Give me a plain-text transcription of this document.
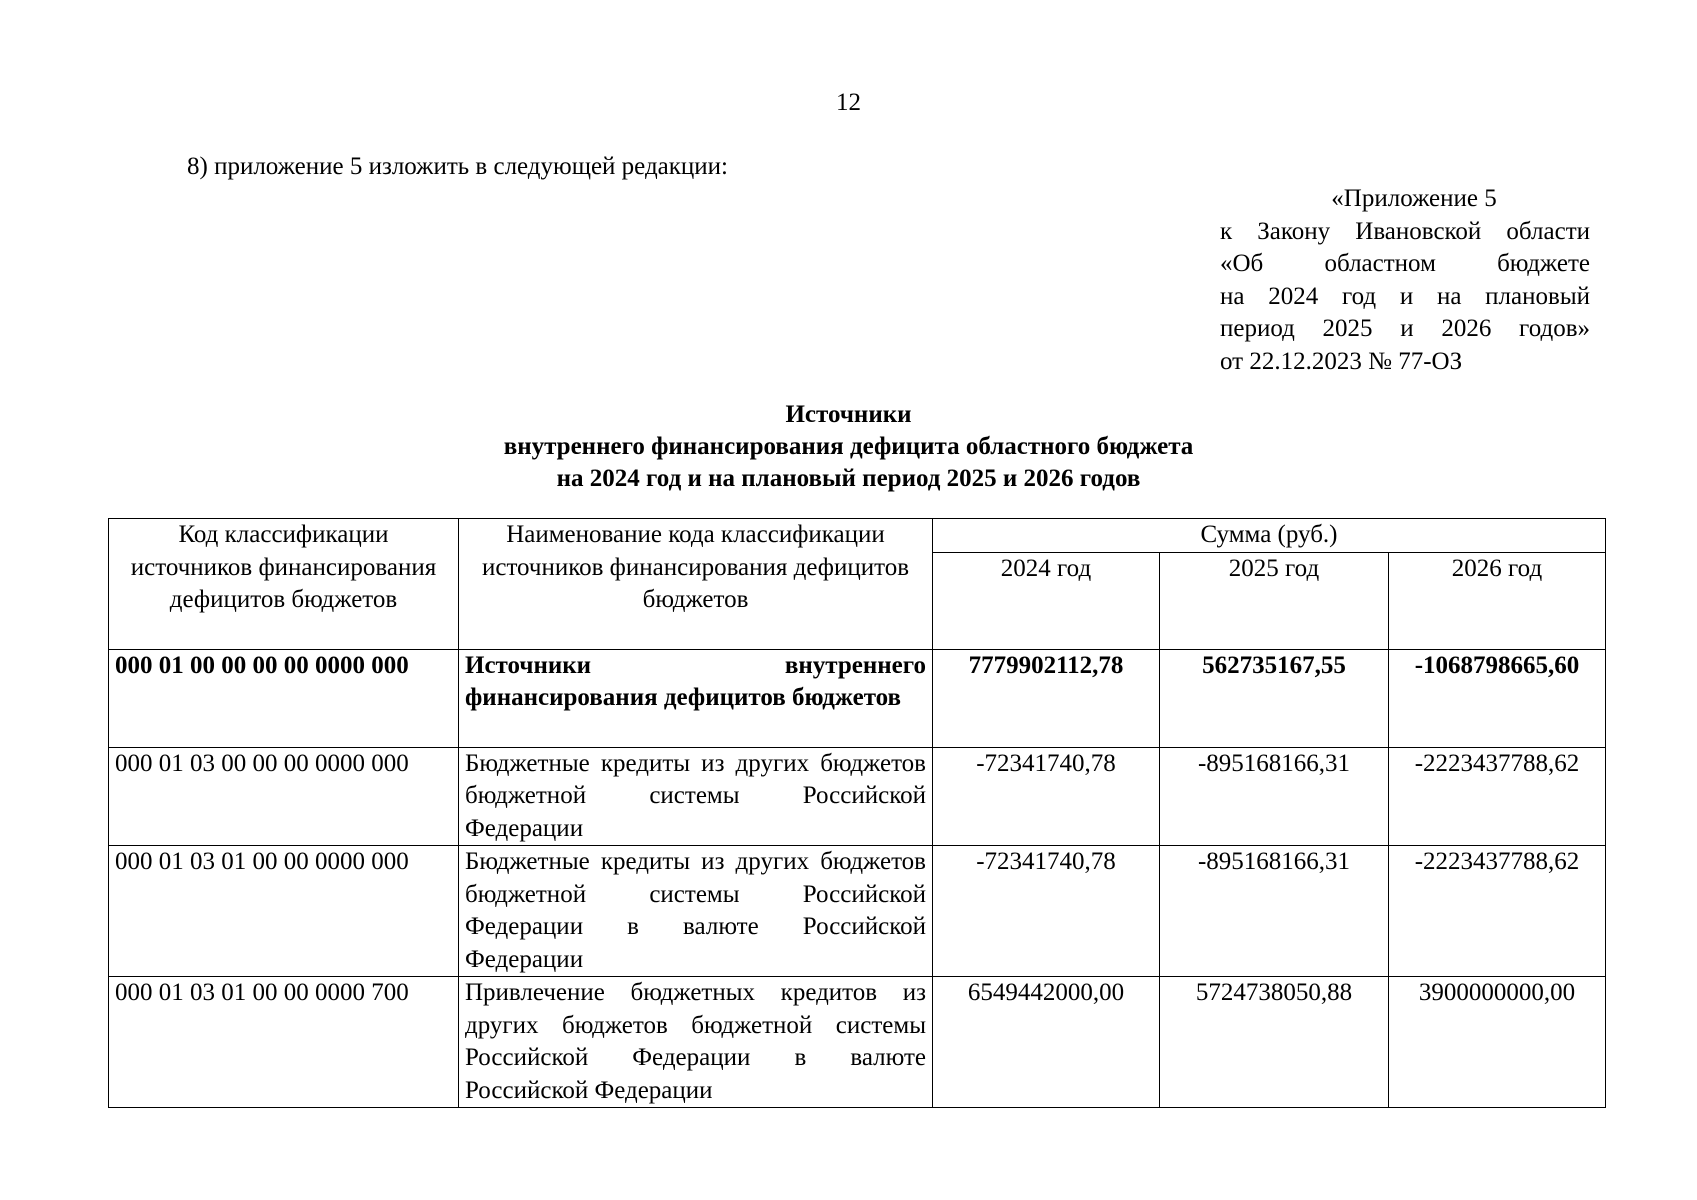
12
8) приложение 5 изложить в следующей редакции:
«Приложение 5
к Закону Ивановской области
«Об областном бюджете
на 2024 год и на плановый
период 2025 и 2026 годов»
от 22.12.2023 № 77-ОЗ
Источники
внутреннего финансирования дефицита областного бюджета
на 2024 год и на плановый период 2025 и 2026 годов
Код классификации источников финансирования дефицитов бюджетов	Наименование кода классификации источников финансирования дефицитов бюджетов	Сумма (руб.)		
		2024 год	2025 год	2026 год
000 01 00 00 00 00 0000 000	Источники внутреннего финансирования дефицитов бюджетов	7779902112,78	562735167,55	-1068798665,60
000 01 03 00 00 00 0000 000	Бюджетные кредиты из других бюджетов бюджетной системы Российской Федерации	-72341740,78	-895168166,31	-2223437788,62
000 01 03 01 00 00 0000 000	Бюджетные кредиты из других бюджетов бюджетной системы Российской Федерации в валюте Российской Федерации	-72341740,78	-895168166,31	-2223437788,62
000 01 03 01 00 00 0000 700	Привлечение бюджетных кредитов из других бюджетов бюджетной системы Российской Федерации в валюте Российской Федерации	6549442000,00	5724738050,88	3900000000,00
